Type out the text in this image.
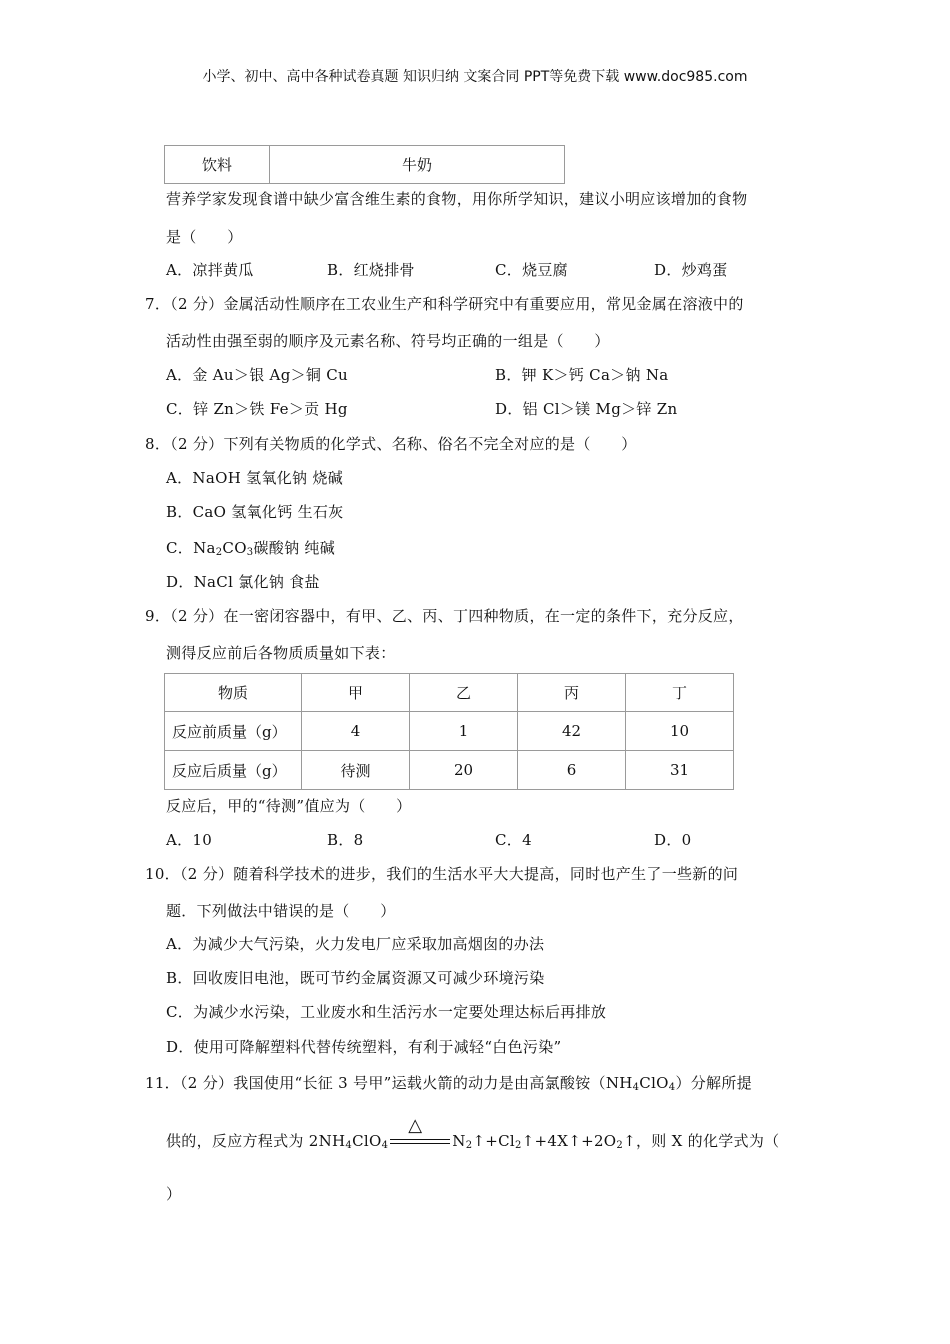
小学、初中、高中各种试卷真题 知识归纳 文案合同 PPT等免费下载 www.doc985.com
饮料	牛奶
营养学家发现食谱中缺少富含维生素的食物，用你所学知识，建议小明应该增加的食物
是（　　）
A．凉拌黄瓜	B．红烧排骨	C．烧豆腐	D．炒鸡蛋
7．（2 分）金属活动性顺序在工农业生产和科学研究中有重要应用，常见金属在溶液中的
活动性由强至弱的顺序及元素名称、符号均正确的一组是（　　）
A．金 Au＞银 Ag＞铜 Cu	B．钾 K＞钙 Ca＞钠 Na
C．锌 Zn＞铁 Fe＞贡 Hg	D．铝 Cl＞镁 Mg＞锌 Zn
8．（2 分）下列有关物质的化学式、名称、俗名不完全对应的是（　　）
A．NaOH 氢氧化钠 烧碱
B．CaO 氢氧化钙 生石灰
C．$Na_2CO_3$碳酸钠 纯碱
D．NaCl 氯化钠 食盐
9．（2 分）在一密闭容器中，有甲、乙、丙、丁四种物质，在一定的条件下，充分反应，
测得反应前后各物质质量如下表：
物质	甲	乙	丙	丁
反应前质量（g）	4	1	42	10
反应后质量（g）	待测	20	6	31
反应后，甲的“待测”值应为（　　）
A．10	B．8	C．4	D．0
10．（2 分）随着科学技术的进步，我们的生活水平大大提高，同时也产生了一些新的问
题．下列做法中错误的是（　　）
A．为减少大气污染，火力发电厂应采取加高烟囱的办法
B．回收废旧电池，既可节约金属资源又可减少环境污染
C．为减少水污染，工业废水和生活污水一定要处理达标后再排放
D．使用可降解塑料代替传统塑料，有利于减轻“白色污染”
11．（2 分）我国使用“长征 3 号甲”运载火箭的动力是由高氯酸铵$(NH_4ClO_4)$分解所提
供的，反应方程式为 $2NH_4ClO_4$
△
$N_2↑+Cl_2↑+4X↑+2O_2↑$，则 X 的化学式为（
）
